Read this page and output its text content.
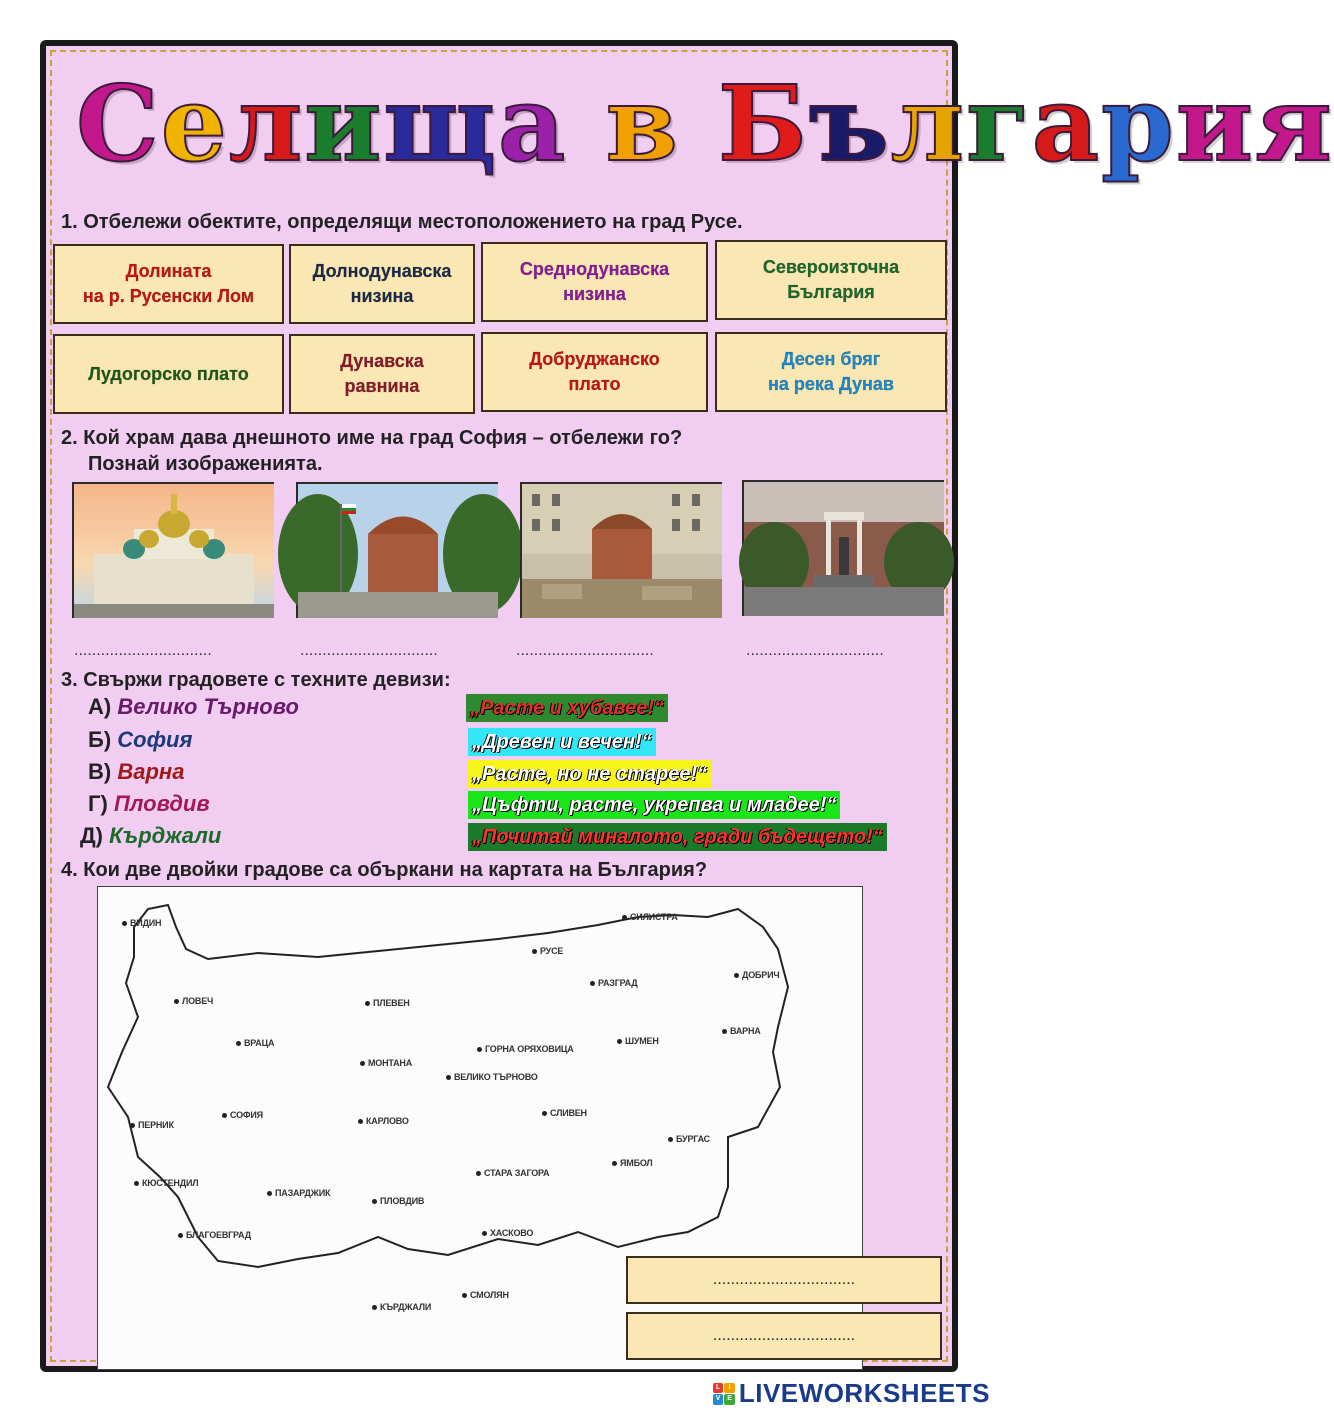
Селища в България
1. Отбележи обектите, определящи местоположението на град Русе.
Долината
на р. Русенски Лом
Долнодунавска
низина
Среднодунавска
низина
Североизточна
България
Лудогорско плато
Дунавска
равнина
Добруджанско
плато
Десен бряг
на река Дунав
2. Кой храм дава днешното име на град София – отбележи го?
Познай изображенията.
...............................	...............................	...............................	...............................
3. Свържи градовете с техните девизи:
А) Велико Търново
Б) София
В) Варна
Г) Пловдив
Д) Кърджали
„Расте и хубавее!“
„Древен и вечен!“
„Расте, но не старее!“
„Цъфти, расте, укрепва и младее!“
„Почитай миналото, гради бъдещето!“
4. Кои две двойки градове са объркани на картата на България?
................................
................................
ВИДИН
СИЛИСТРА
РУСЕ
РАЗГРАД
ДОБРИЧ
ЛОВЕЧ	ПЛЕВЕН
ВРАЦА
ГОРНА ОРЯХОВИЦА
ШУМЕН
ВАРНА
МОНТАНА
ВЕЛИКО ТЪРНОВО
ПЕРНИК
СОФИЯ
КАРЛОВО
СЛИВЕН
БУРГАС
ЯМБОЛ
КЮСТЕНДИЛ
ПАЗАРДЖИК
СТАРА ЗАГОРА
ПЛОВДИВ
БЛАГОЕВГРАД	ХАСКОВО
СМОЛЯН
КЪРДЖАЛИ
L	I
V E LIVEWORKSHEETS
